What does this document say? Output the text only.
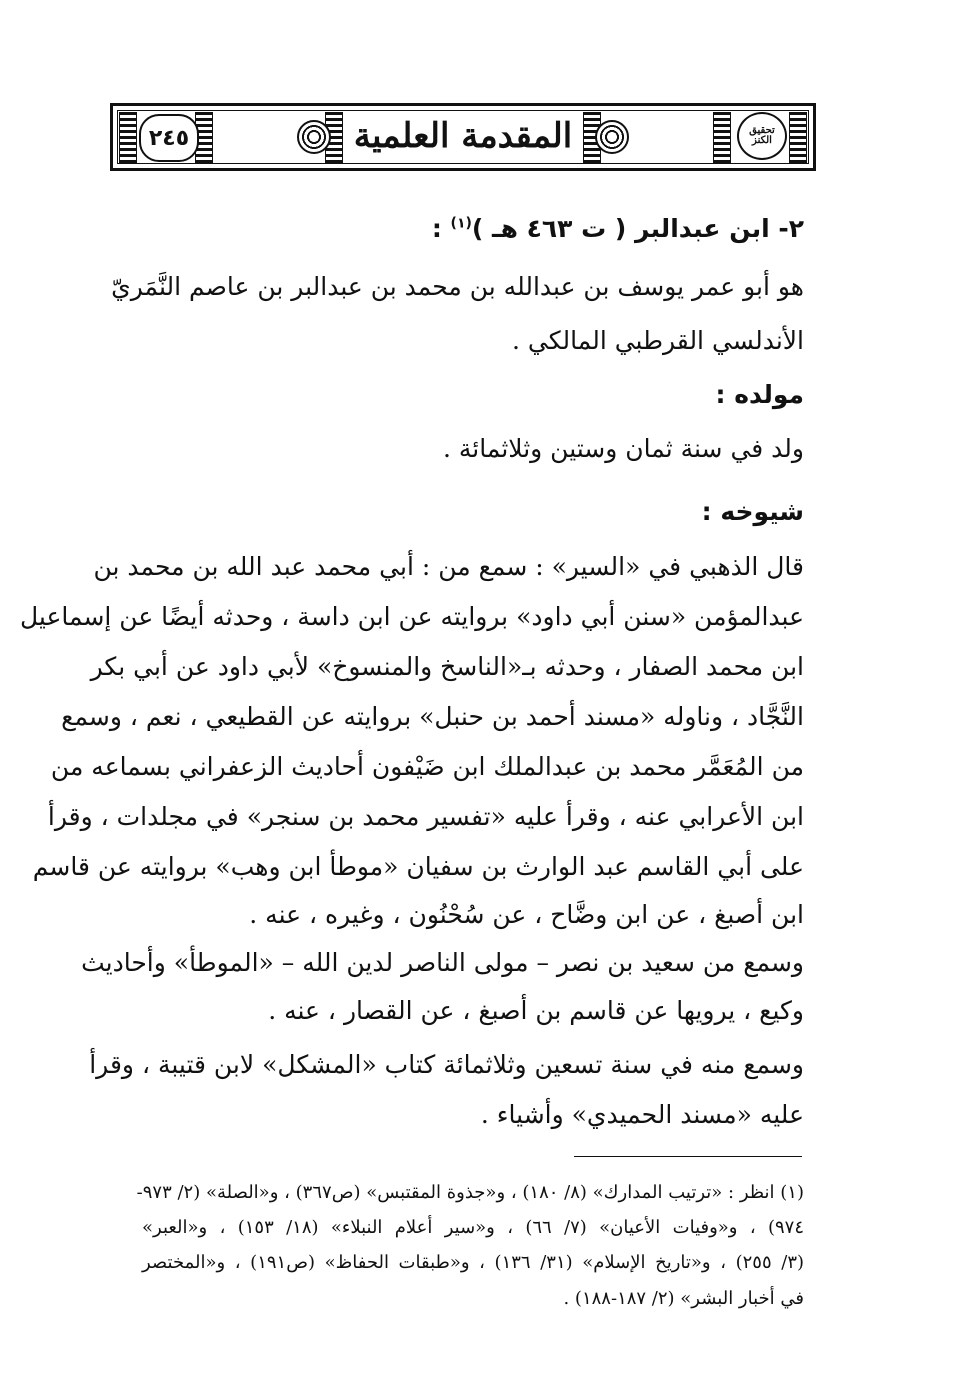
٢٤٥	المقدمة العلمية	تحقيق الكنز
٢- ابن عبدالبر ( ت ٤٦٣ هـ )$^{(١)}$ :
هو أبو عمر يوسف بن عبدالله بن محمد بن عبدالبر بن عاصم النَّمَريّ
الأندلسي القرطبي المالكي .
مولده :
ولد في سنة ثمان وستين وثلاثمائة .
شيوخه :
قال الذهبي في «السير» : سمع من : أبي محمد عبد الله بن محمد بن
عبدالمؤمن «سنن أبي داود» بروايته عن ابن داسة ، وحدثه أيضًا عن إسماعيل
ابن محمد الصفار ، وحدثه بـ«الناسخ والمنسوخ» لأبي داود عن أبي بكر
النَّجَّاد ، وناوله «مسند أحمد بن حنبل» بروايته عن القطيعي ، نعم ، وسمع
من المُعَمَّر محمد بن عبدالملك ابن ضَيْفون أحاديث الزعفراني بسماعه من
ابن الأعرابي عنه ، وقرأ عليه «تفسير محمد بن سنجر» في مجلدات ، وقرأ
على أبي القاسم عبد الوارث بن سفيان «موطأ ابن وهب» بروايته عن قاسم
ابن أصبغ ، عن ابن وضَّاح ، عن سُحْنُون ، وغيره ، عنه .
وسمع من سعيد بن نصر – مولى الناصر لدين الله – «الموطأ» وأحاديث
وكيع ، يرويها عن قاسم بن أصبغ ، عن القصار ، عنه .
وسمع منه في سنة تسعين وثلاثمائة كتاب «المشكل» لابن قتيبة ، وقرأ
عليه «مسند الحميدي» وأشياء .
(١) انظر : «ترتيب المدارك» (٨/ ١٨٠) ، و«جذوة المقتبس» (ص٣٦٧) ، و«الصلة» (٢/ ٩٧٣-
٩٧٤) ، و«وفيات الأعيان» (٧/ ٦٦) ، و«سير أعلام النبلاء» (١٨/ ١٥٣) ، و«العبر»
(٣/ ٢٥٥) ، و«تاريخ الإسلام» (٣١/ ١٣٦) ، و«طبقات الحفاظ» (ص١٩١) ، و«المختصر
في أخبار البشر» (٢/ ١٨٧-١٨٨) .
